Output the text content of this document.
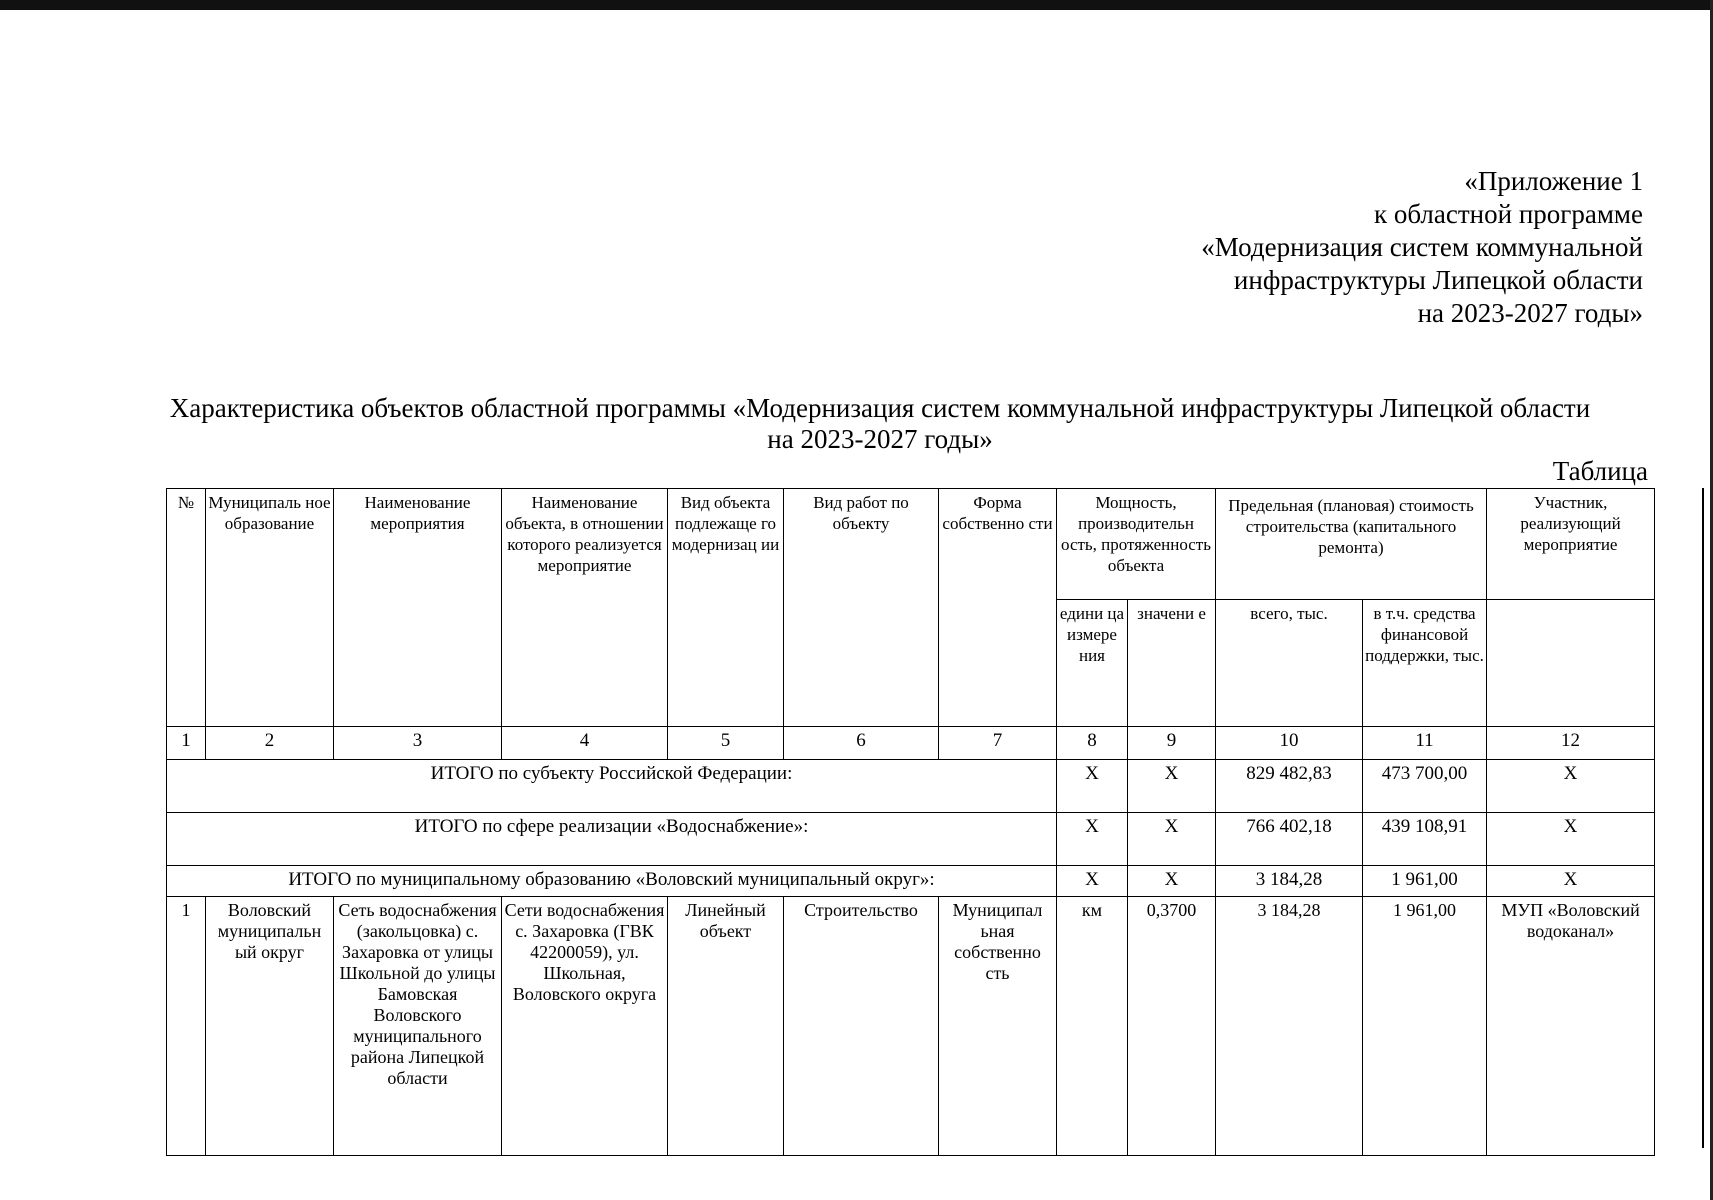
«Приложение 1
к областной программе
«Модернизация систем коммунальной
инфраструктуры Липецкой области
на 2023-2027 годы»
Характеристика объектов областной программы «Модернизация систем коммунальной инфраструктуры Липецкой области
на 2023-2027 годы»
Таблица
№	Муниципаль ное образование	Наименование мероприятия	Наименование объекта, в отношении которого реализуется мероприятие	Вид объекта подлежаще го модернизац ии	Вид работ по объекту	Форма собственно сти	Мощность, производительн ость, протяженность объекта		Предельная (плановая) стоимость строительства (капитального ремонта)		Участник, реализующий мероприятие
							едини ца измере ния	значени е	всего, тыс.	в т.ч. средства финансовой поддержки, тыс.	
1	2	3	4	5	6	7	8	9	10	11	12
ИТОГО по субъекту Российской Федерации:							Х	Х	829 482,83	473 700,00	Х
ИТОГО по сфере реализации «Водоснабжение»:							Х	Х	766 402,18	439 108,91	Х
ИТОГО по муниципальному образованию «Воловский муниципальный округ»:							Х	Х	3 184,28	1 961,00	Х
1	Воловский муниципальн ый округ	Сеть водоснабжения (закольцовка) с. Захаровка от улицы Школьной до улицы Бамовская Воловского муниципального района Липецкой области	Сети водоснабжения с. Захаровка (ГВК 42200059), ул. Школьная, Воловского округа	Линейный объект	Строительство	Муниципал ьная собственно сть	км	0,3700	3 184,28	1 961,00	МУП «Воловский водоканал»
